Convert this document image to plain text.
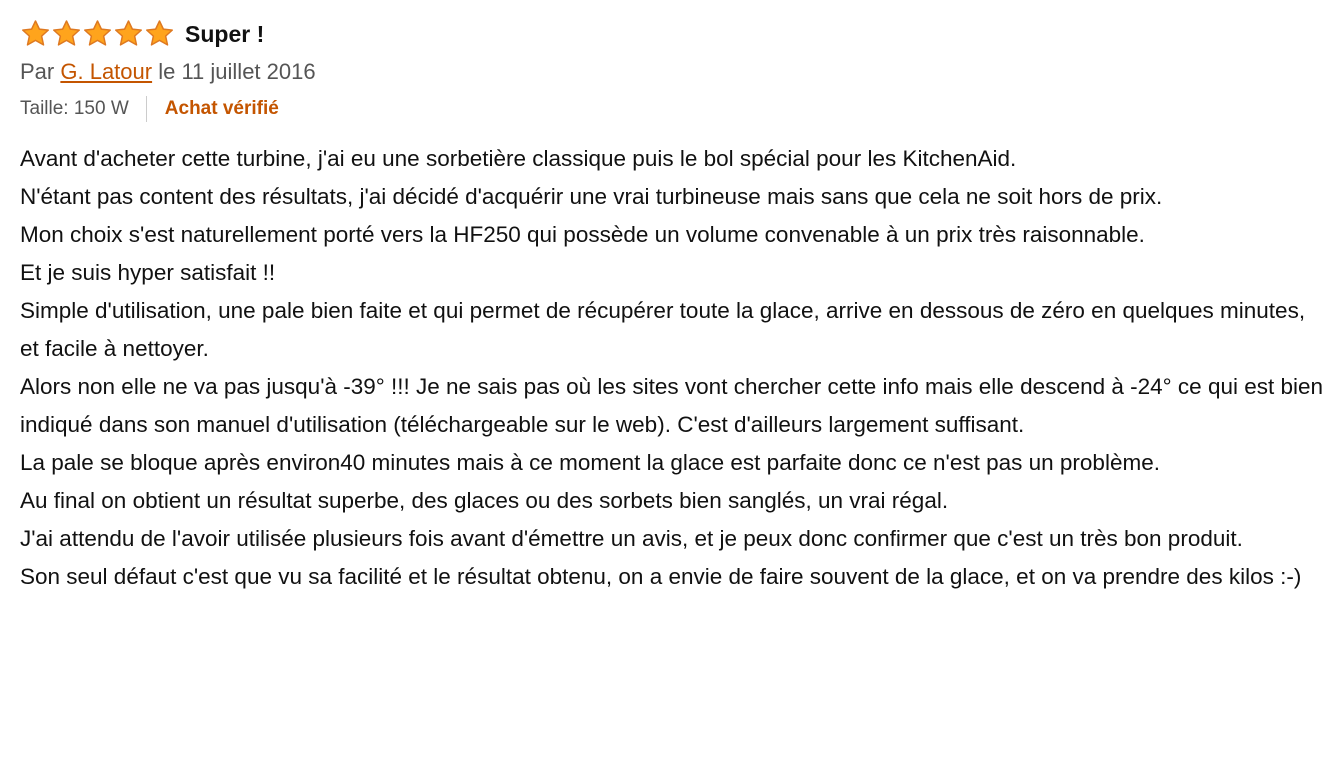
Super !
Par G. Latour le 11 juillet 2016
Taille: 150 W	Achat vérifié

Avant d'acheter cette turbine, j'ai eu une sorbetière classique puis le bol spécial pour les KitchenAid.

N'étant pas content des résultats, j'ai décidé d'acquérir une vrai turbineuse mais sans que cela ne soit hors de prix.

Mon choix s'est naturellement porté vers la HF250 qui possède un volume convenable à un prix très raisonnable.

Et je suis hyper satisfait !!

Simple d'utilisation, une pale bien faite et qui permet de récupérer toute la glace, arrive en dessous de zéro en quelques minutes, et facile à nettoyer.

Alors non elle ne va pas jusqu'à -39° !!! Je ne sais pas où les sites vont chercher cette info mais elle descend à -24° ce qui est bien indiqué dans son manuel d'utilisation (téléchargeable sur le web). C'est d'ailleurs largement suffisant.

La pale se bloque après environ40 minutes mais à ce moment la glace est parfaite donc ce n'est pas un problème.

Au final on obtient un résultat superbe, des glaces ou des sorbets bien sanglés, un vrai régal.

J'ai attendu de l'avoir utilisée plusieurs fois avant d'émettre un avis, et je peux donc confirmer que c'est un très bon produit.

Son seul défaut c'est que vu sa facilité et le résultat obtenu, on a envie de faire souvent de la glace, et on va prendre des kilos :-)
